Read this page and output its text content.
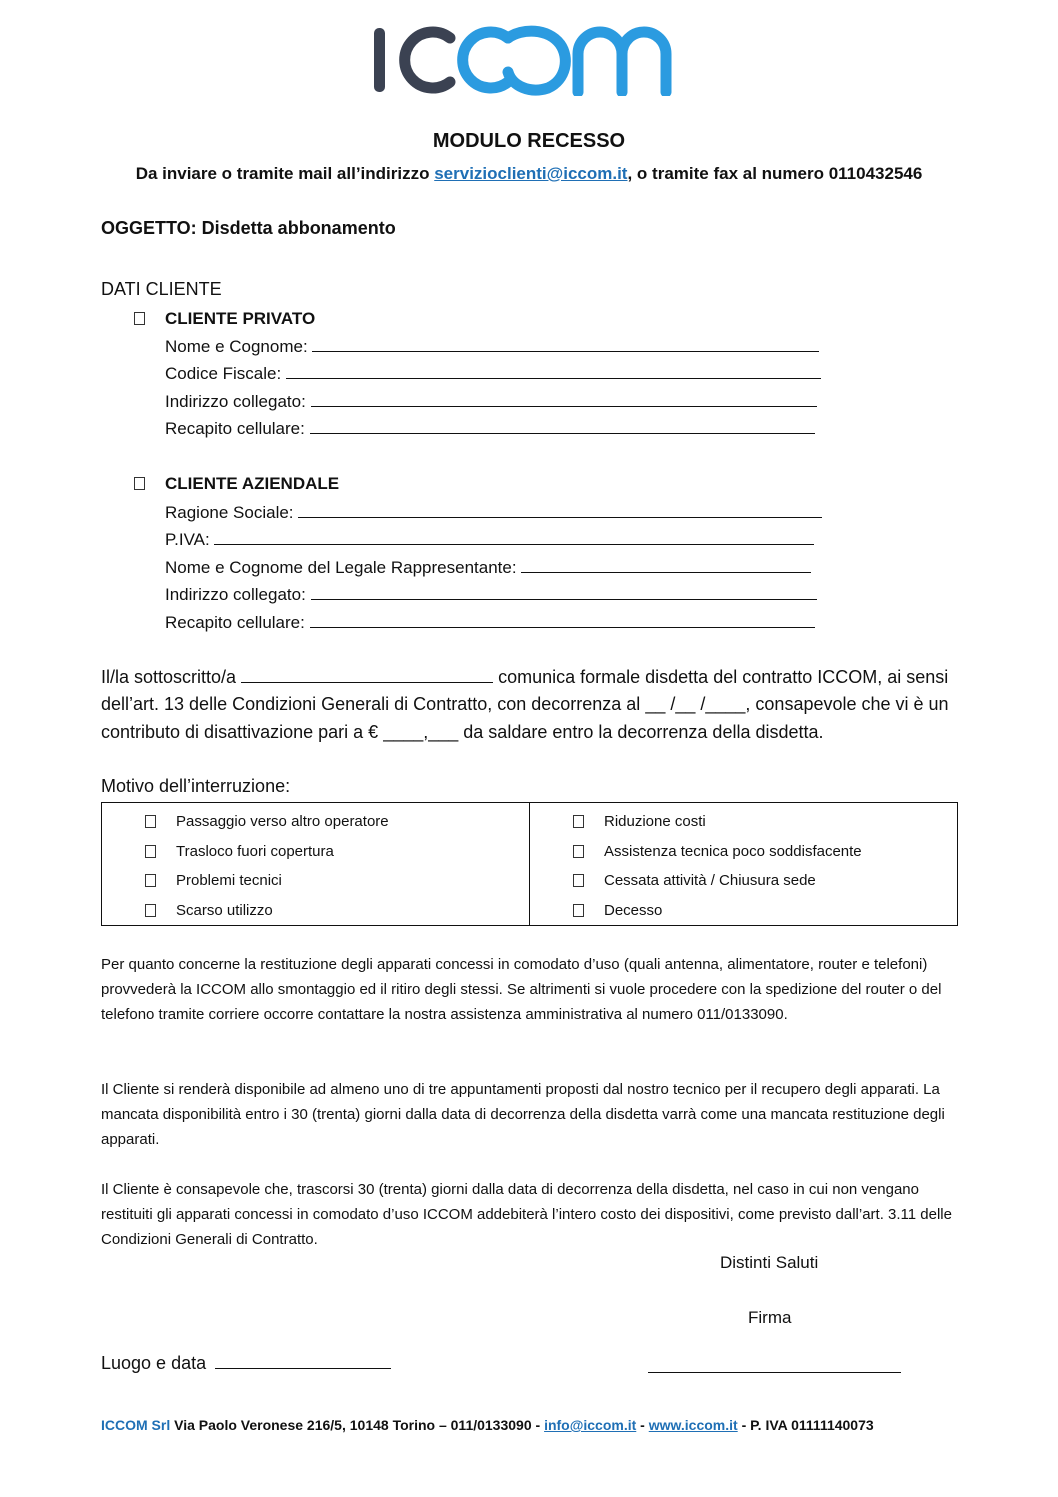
MODULO RECESSO
Da inviare o tramite mail all’indirizzo servizioclienti@iccom.it, o tramite fax al numero 0110432546
OGGETTO: Disdetta abbonamento
DATI CLIENTE
CLIENTE PRIVATO
Nome e Cognome:
Codice Fiscale:
Indirizzo collegato:
Recapito cellulare:
CLIENTE AZIENDALE
Ragione Sociale:
P.IVA:
Nome e Cognome del Legale Rappresentante:
Indirizzo collegato:
Recapito cellulare:
Il/la sottoscritto/a	comunica formale disdetta del contratto ICCOM, ai sensi
dell’art. 13 delle Condizioni Generali di Contratto, con decorrenza al __ /__ /____, consapevole che vi è un
contributo di disattivazione pari a € ____,___ da saldare entro la decorrenza della disdetta.
Motivo dell’interruzione:
Passaggio verso altro operatore
Trasloco fuori copertura
Problemi tecnici
Scarso utilizzo

Riduzione costi
Assistenza tecnica poco soddisfacente
Cessata attività / Chiusura sede
Decesso
Per quanto concerne la restituzione degli apparati concessi in comodato d’uso (quali antenna, alimentatore, router e telefoni) provvederà la ICCOM allo smontaggio ed il ritiro degli stessi. Se altrimenti si vuole procedere con la spedizione del router o del telefono tramite corriere occorre contattare la nostra assistenza amministrativa al numero 011/0133090.
Il Cliente si renderà disponibile ad almeno uno di tre appuntamenti proposti dal nostro tecnico per il recupero degli apparati. La mancata disponibilità entro i 30 (trenta) giorni dalla data di decorrenza della disdetta varrà come una mancata restituzione degli apparati.
Il Cliente è consapevole che, trascorsi 30 (trenta) giorni dalla data di decorrenza della disdetta, nel caso in cui non vengano restituiti gli apparati concessi in comodato d’uso ICCOM addebiterà l’intero costo dei dispositivi, come previsto dall’art. 3.11 delle Condizioni Generali di Contratto.
Distinti Saluti
Firma
Luogo e data
ICCOM Srl Via Paolo Veronese 216/5, 10148 Torino – 011/0133090 - info@iccom.it - www.iccom.it - P. IVA 01111140073
